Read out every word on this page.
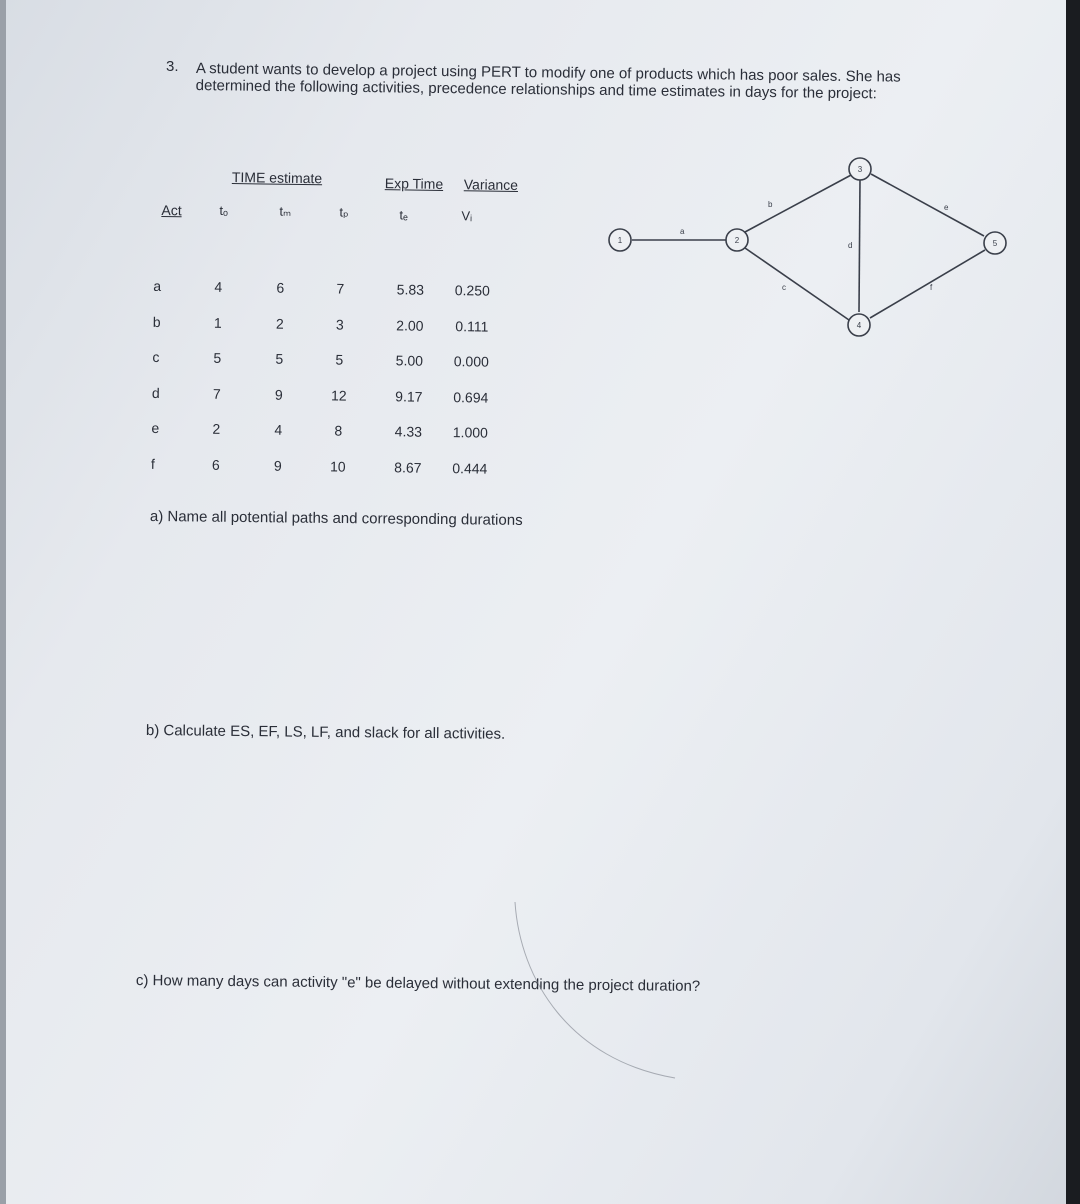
3. A student wants to develop a project using PERT to modify one of products which has poor sales. She has determined the following activities, precedence relationships and time estimates in days for the project:
TIME estimate	Exp Time Variance
Act	tₒ	tₘ	tₚ	tₑ	Vᵢ
a	4	6	7	5.83	0.250
b	1	2	3	2.00	0.111
c	5	5	5	5.00	0.000
d	7	9	12	9.17	0.694
e	2	4	8	4.33	1.000
f	6	9	10	8.67	0.444
1	2
3
4
5
a
b
c
d
e
f
a) Name all potential paths and corresponding durations
b) Calculate ES, EF, LS, LF, and slack for all activities.
c) How many days can activity "e" be delayed without extending the project duration?
